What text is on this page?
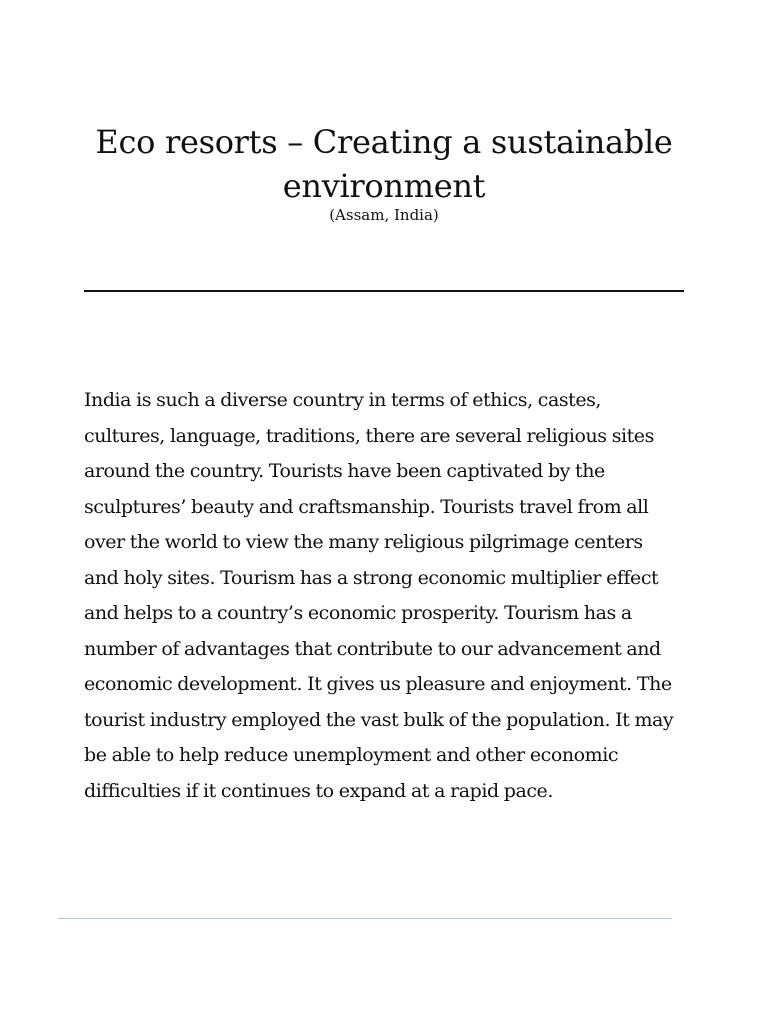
Eco resorts – Creating a sustainable environment

(Assam, India)

India is such a diverse country in terms of ethics, castes, cultures, language, traditions, there are several religious sites around the country. Tourists have been captivated by the sculptures’ beauty and craftsmanship. Tourists travel from all over the world to view the many religious pilgrimage centers and holy sites. Tourism has a strong economic multiplier effect and helps to a country’s economic prosperity. Tourism has a number of advantages that contribute to our advancement and economic development. It gives us pleasure and enjoyment. The tourist industry employed the vast bulk of the population. It may be able to help reduce unemployment and other economic difficulties if it continues to expand at a rapid pace.
